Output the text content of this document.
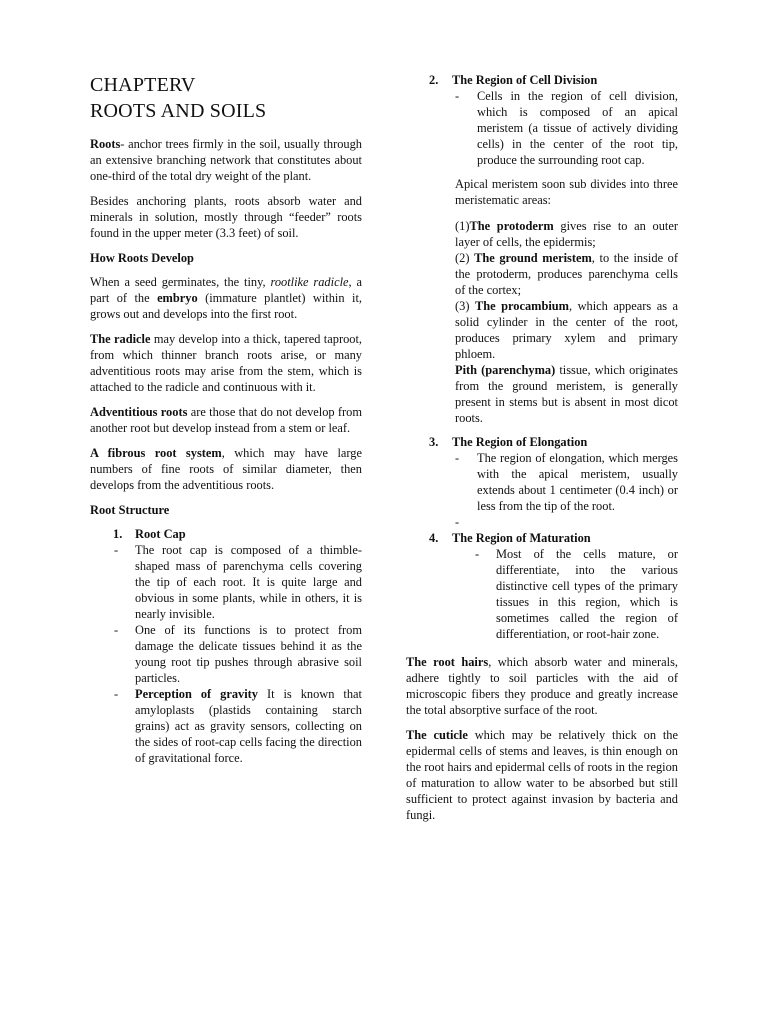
CHAPTERV
ROOTS AND SOILS

Roots- anchor trees firmly in the soil, usually through an extensive branching network that constitutes about one-third of the total dry weight of the plant.

Besides anchoring plants, roots absorb water and minerals in solution, mostly through “feeder” roots found in the upper meter (3.3 feet) of soil.

How Roots Develop

When a seed germinates, the tiny, rootlike radicle, a part of the embryo (immature plantlet) within it, grows out and develops into the first root.

The radicle may develop into a thick, tapered taproot, from which thinner branch roots arise, or many adventitious roots may arise from the stem, which is attached to the radicle and continuous with it.

Adventitious roots are those that do not develop from another root but develop instead from a stem or leaf.

A fibrous root system, which may have large numbers of fine roots of similar diameter, then develops from the adventitious roots.

Root Structure

1. Root Cap

- The root cap is composed of a thimble-shaped mass of parenchyma cells covering the tip of each root. It is quite large and obvious in some plants, while in others, it is nearly invisible.

- One of its functions is to protect from damage the delicate tissues behind it as the young root tip pushes through abrasive soil particles.

- Perception of gravity It is known that amyloplasts (plastids containing starch grains) act as gravity sensors, collecting on the sides of root-cap cells facing the direction of gravitational force.

2. The Region of Cell Division

- Cells in the region of cell division, which is composed of an apical meristem (a tissue of actively dividing cells) in the center of the root tip, produce the surrounding root cap.

Apical meristem soon sub divides into three meristematic areas:

(1)The protoderm gives rise to an outer layer of cells, the epidermis;

(2) The ground meristem, to the inside of the protoderm, produces parenchyma cells of the cortex;

(3) The procambium, which appears as a solid cylinder in the center of the root, produces primary xylem and primary phloem.

Pith (parenchyma) tissue, which originates from the ground meristem, is generally present in stems but is absent in most dicot roots.

3. The Region of Elongation

- The region of elongation, which merges with the apical meristem, usually extends about 1 centimeter (0.4 inch) or less from the tip of the root.

-

4. The Region of Maturation

- Most of the cells mature, or differentiate, into the various distinctive cell types of the primary tissues in this region, which is sometimes called the region of differentiation, or root-hair zone.

The root hairs, which absorb water and minerals, adhere tightly to soil particles with the aid of microscopic fibers they produce and greatly increase the total absorptive surface of the root.

The cuticle which may be relatively thick on the epidermal cells of stems and leaves, is thin enough on the root hairs and epidermal cells of roots in the region of maturation to allow water to be absorbed but still sufficient to protect against invasion by bacteria and fungi.
